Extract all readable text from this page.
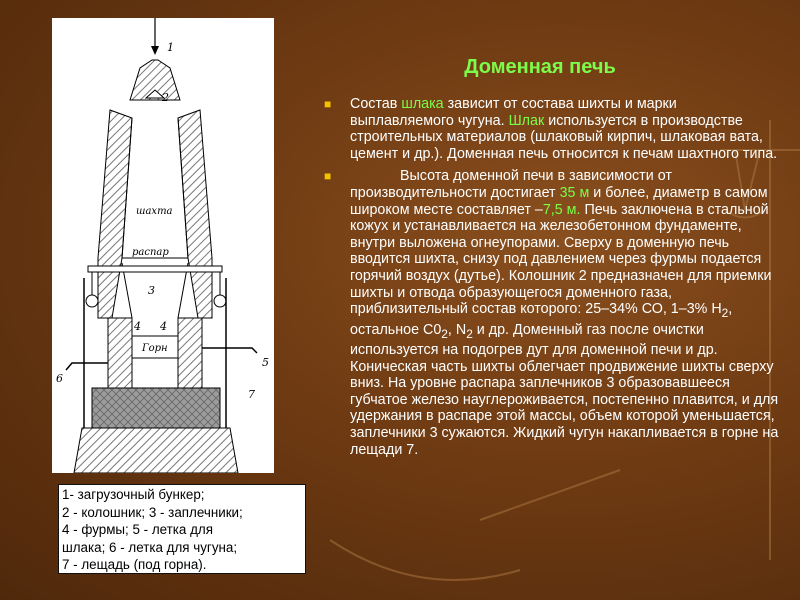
1
2
шахта
распар
3
4 4
Горн
5
6
7
1- загрузочный бункер;
2 - колошник; 3 - заплечники;
4 - фурмы; 5 - летка для
шлака; 6 - летка для чугуна;
7 - лещадь (под горна).
Доменная печь
■ Состав шлака зависит от состава шихты и марки выплавляемого чугуна. Шлак используется в производстве строительных материалов (шлаковый кирпич, шлаковая вата, цемент и др.). Доменная печь относится к печам шахтного типа.
■	Высота доменной печи в зависимости от производительности достигает 35 м и более, диаметр в самом широком месте составляет –7,5 м. Печь заключена в стальной кожух и устанавливается на железобетонном фундаменте, внутри выложена огнеупорами. Сверху в доменную печь вводится шихта, снизу под давлением через фурмы подается горячий воздух (дутье). Колошник 2 предназначен для приемки шихты и отвода образующегося доменного газа, приблизительный состав которого: 25–34% СО, 1–3% $Н_2$, остальное $С0_2$, $N_2$ и др. Доменный газ после очистки используется на подогрев дут для доменной печи и др. Коническая часть шихты облегчает продвижение шихты сверху вниз. На уровне распара заплечников 3 образовавшееся губчатое железо науглероживается, постепенно плавится, и для удержания в распаре этой массы, объем которой уменьшается, заплечники 3 сужаются. Жидкий чугун накапливается в горне на лещади 7.
